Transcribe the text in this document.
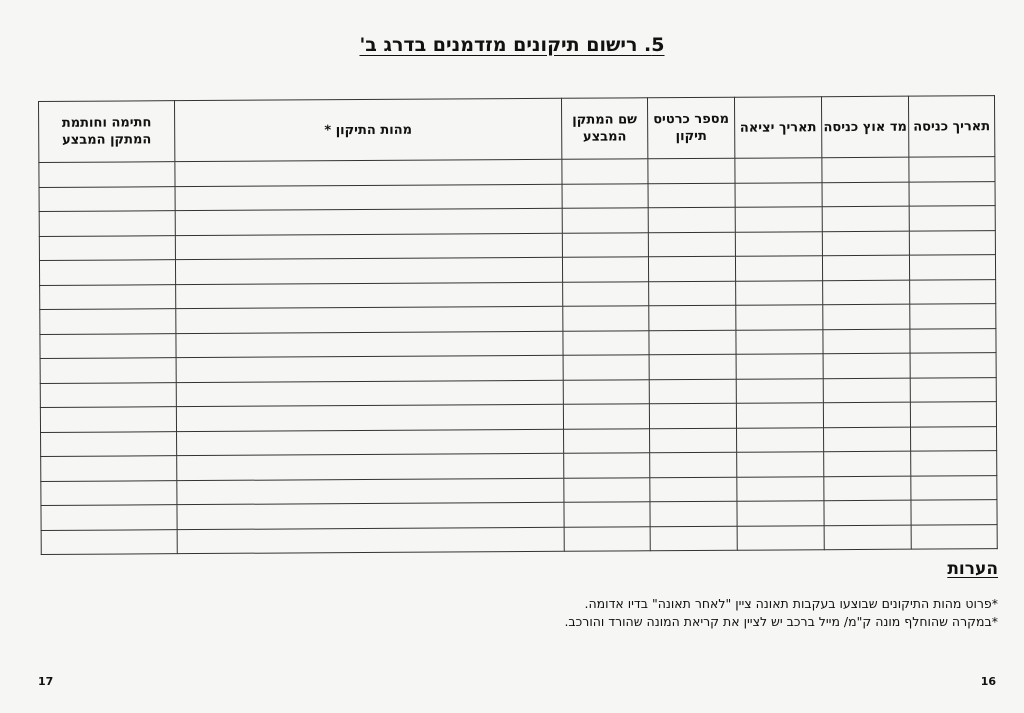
5. רישום תיקונים מזדמנים בדרג ב'
תאריך כניסה	מד אוץ כניסה	תאריך יציאה	מספר כרטיס תיקון	שם המתקן המבצע	מהות התיקון *	חתימה וחותמת המתקן המבצע

הערות
*פרוט מהות התיקונים שבוצעו בעקבות תאונה ציין "לאחר תאונה" בדיו אדומה.
*במקרה שהוחלף מונה ק"מ/ מייל ברכב יש לציין את קריאת המונה שהורד והורכב.
16
17
